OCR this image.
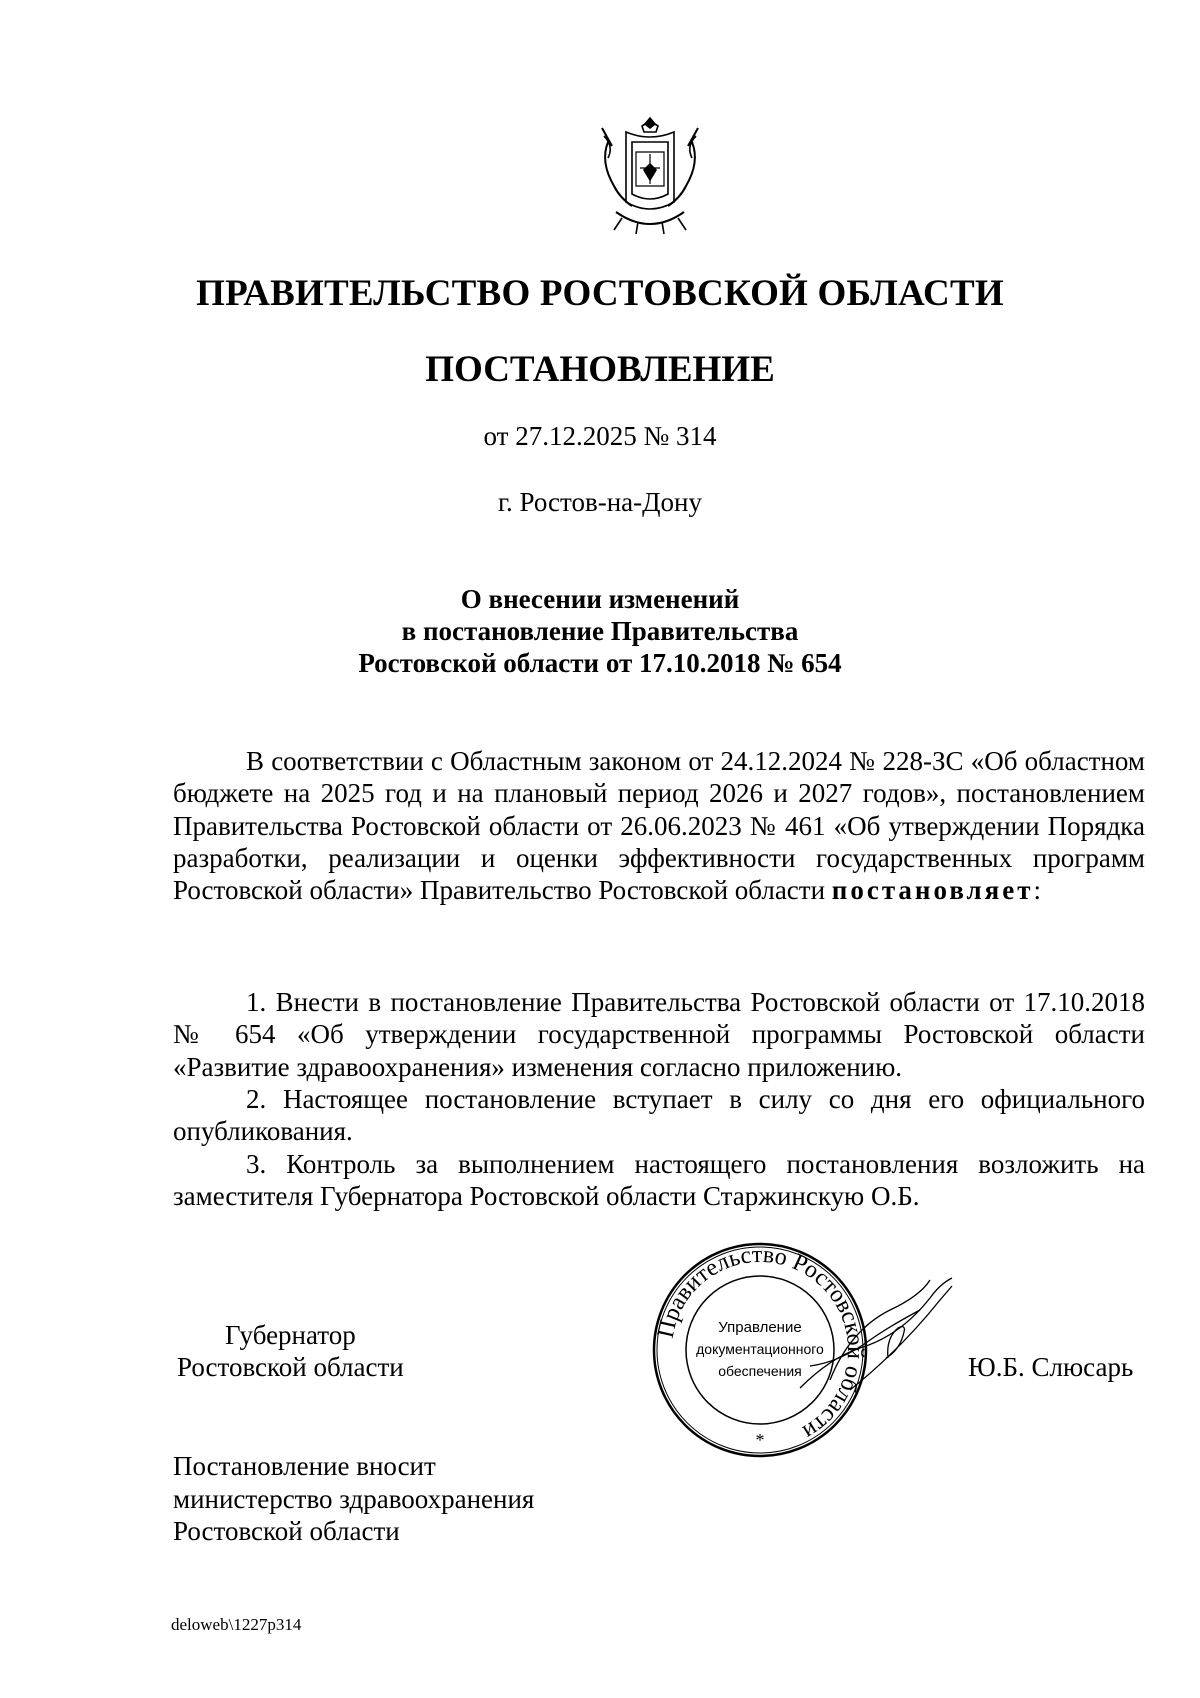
ПРАВИТЕЛЬСТВО РОСТОВСКОЙ ОБЛАСТИ
ПОСТАНОВЛЕНИЕ
от 27.12.2025 № 314
г. Ростов-на-Дону
О внесении изменений
в постановление Правительства
Ростовской области от 17.10.2018 № 654
В соответствии с Областным законом от 24.12.2024 № 228-ЗС «Об областном бюджете на 2025 год и на плановый период 2026 и 2027 годов», постановлением Правительства Ростовской области от 26.06.2023 № 461 «Об утверждении Порядка разработки, реализации и оценки эффективности государственных программ Ростовской области» Правительство Ростовской области постановляет:
1. Внести в постановление Правительства Ростовской области от 17.10.2018 № 654 «Об утверждении государственной программы Ростовской области «Развитие здравоохранения» изменения согласно приложению.
2. Настоящее постановление вступает в силу со дня его официального опубликования.
3. Контроль за выполнением настоящего постановления возложить на заместителя Губернатора Ростовской области Старжинскую О.Б.
Губернатор
Ростовской области
Правительство Ростовской области
Управление
документационного
обеспечения
*
Ю.Б. Слюсарь
Постановление вносит
министерство здравоохранения
Ростовской области
deloweb\1227p314
